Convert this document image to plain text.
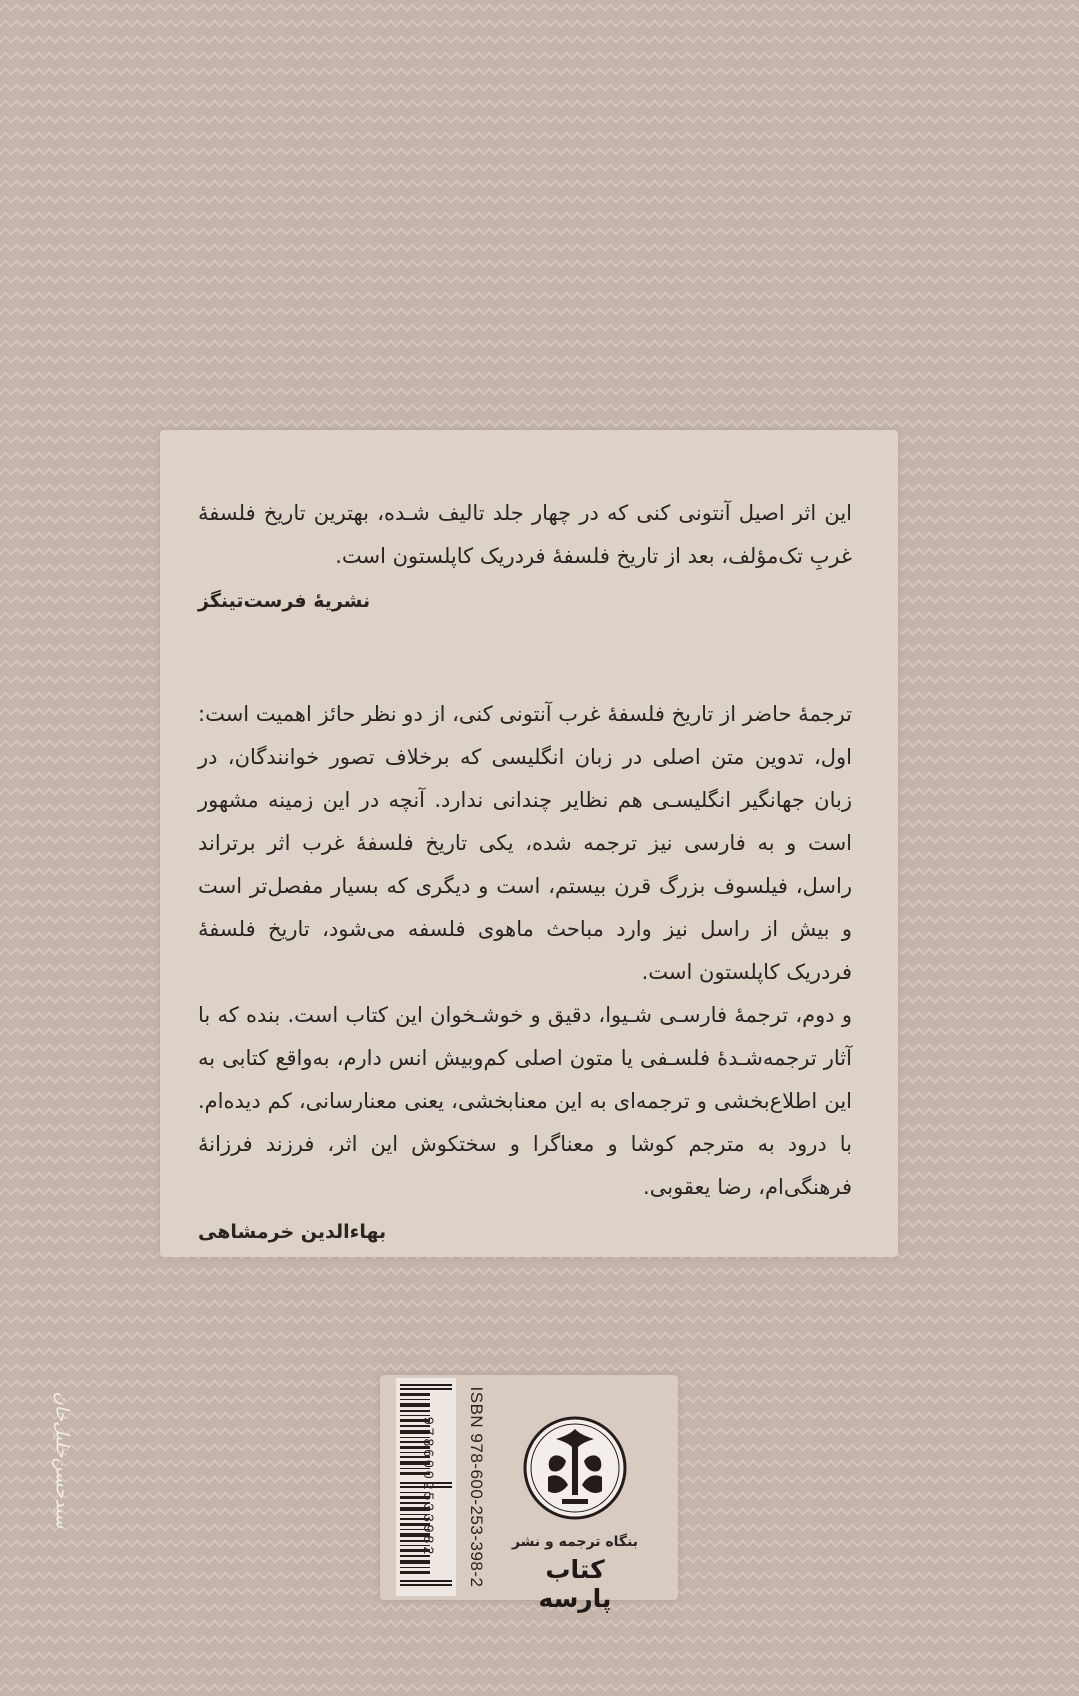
این اثر اصیل آنتونی کنی که در چهار جلد تالیف شـده، بهترین تاریخ فلسفهٔ غربِ تک‌مؤلف، بعد از تاریخ فلسفهٔ فردریک کاپلستون است.

نشریهٔ فرست‌تینگز

ترجمهٔ حاضر از تاریخ فلسفهٔ غرب آنتونی کنی، از دو نظر حائز اهمیت است: اول، تدوین متن اصلی در زبان انگلیسی که برخلاف تصور خوانندگان، در زبان جهانگیر انگلیسـی هم نظایر چندانی ندارد. آنچه در این زمینه مشهور است و به فارسی نیز ترجمه شده، یکی تاریخ فلسفهٔ غرب اثر برتراند راسل، فیلسوف بزرگ قرن بیستم، است و دیگری که بسیار مفصل‌تر است و بیش از راسل نیز وارد مباحث ماهوی فلسفه می‌شود، تاریخ فلسفهٔ فردریک کاپلستون است.

و دوم، ترجمهٔ فارسـی شـیوا، دقیق و خوشـخوان این کتاب است. بنده که با آثار ترجمه‌شـدهٔ فلسـفی یا متون اصلی کم‌وبیش انس دارم، به‌واقع کتابی به این اطلاع‌بخشی و ترجمه‌ای به این معنابخشی، یعنی معنارسانی، کم دیده‌ام. با درود به مترجم کوشا و معناگرا و سختکوش این اثر، فرزند فرزانهٔ فرهنگی‌ام، رضا یعقوبی.

بهاءالدین خرمشاهی

سیدحسن‌خلیل‌خان	9786002533982 ISBN 978-600-253-398-2 بنگاه ترجمه و نشر
کتاب پارسه
